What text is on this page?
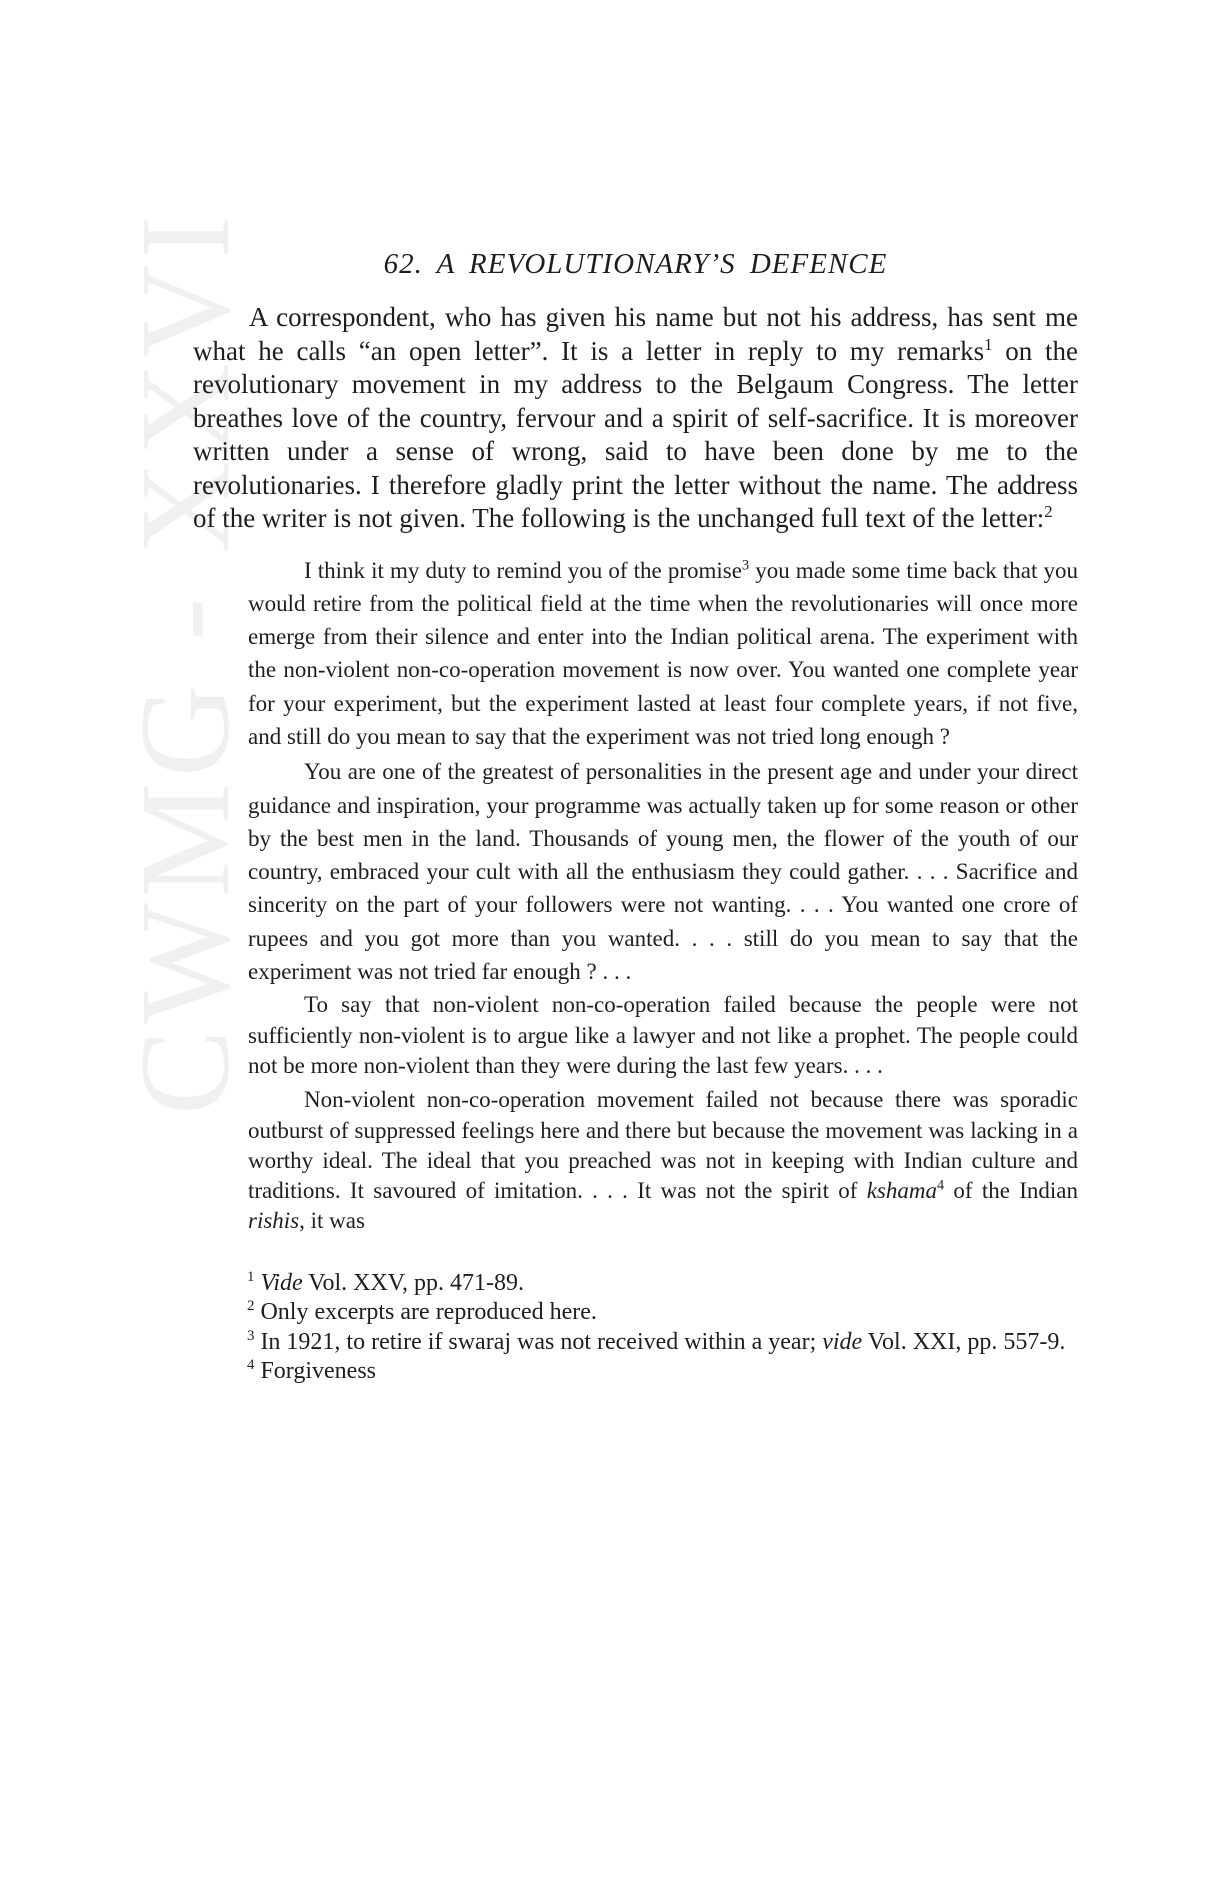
CWMG - XXVI	62. A REVOLUTIONARY’S DEFENCE

A correspondent, who has given his name but not his address, has sent me what he calls “an open letter”. It is a letter in reply to my remarks$^1$ on the revolutionary movement in my address to the Belgaum Congress. The letter breathes love of the country, fervour and a spirit of self-sacrifice. It is moreover written under a sense of wrong, said to have been done by me to the revolutionaries. I therefore gladly print the letter without the name. The address of the writer is not given. The following is the unchanged full text of the letter:$^2$

I think it my duty to remind you of the promise$^3$ you made some time back that you would retire from the political field at the time when the revolutionaries will once more emerge from their silence and enter into the Indian political arena. The experiment with the non-violent non-co-operation movement is now over. You wanted one complete year for your experiment, but the experiment lasted at least four complete years, if not five, and still do you mean to say that the experiment was not tried long enough ?

You are one of the greatest of personalities in the present age and under your direct guidance and inspiration, your programme was actually taken up for some reason or other by the best men in the land. Thousands of young men, the flower of the youth of our country, embraced your cult with all the enthusiasm they could gather. . . . Sacrifice and sincerity on the part of your followers were not wanting. . . . You wanted one crore of rupees and you got more than you wanted. . . . still do you mean to say that the experiment was not tried far enough ? . . .

To say that non-violent non-co-operation failed because the people were not sufficiently non-violent is to argue like a lawyer and not like a prophet. The people could not be more non-violent than they were during the last few years. . . .

Non-violent non-co-operation movement failed not because there was sporadic outburst of suppressed feelings here and there but because the movement was lacking in a worthy ideal. The ideal that you preached was not in keeping with Indian culture and traditions. It savoured of imitation. . . . It was not the spirit of kshama$^4$ of the Indian rishis, it was

$^1$ Vide Vol. XXV, pp. 471-89.

$^2$ Only excerpts are reproduced here.

$^3$ In 1921, to retire if swaraj was not received within a year; vide Vol. XXI, pp. 557-9.

$^4$ Forgiveness
